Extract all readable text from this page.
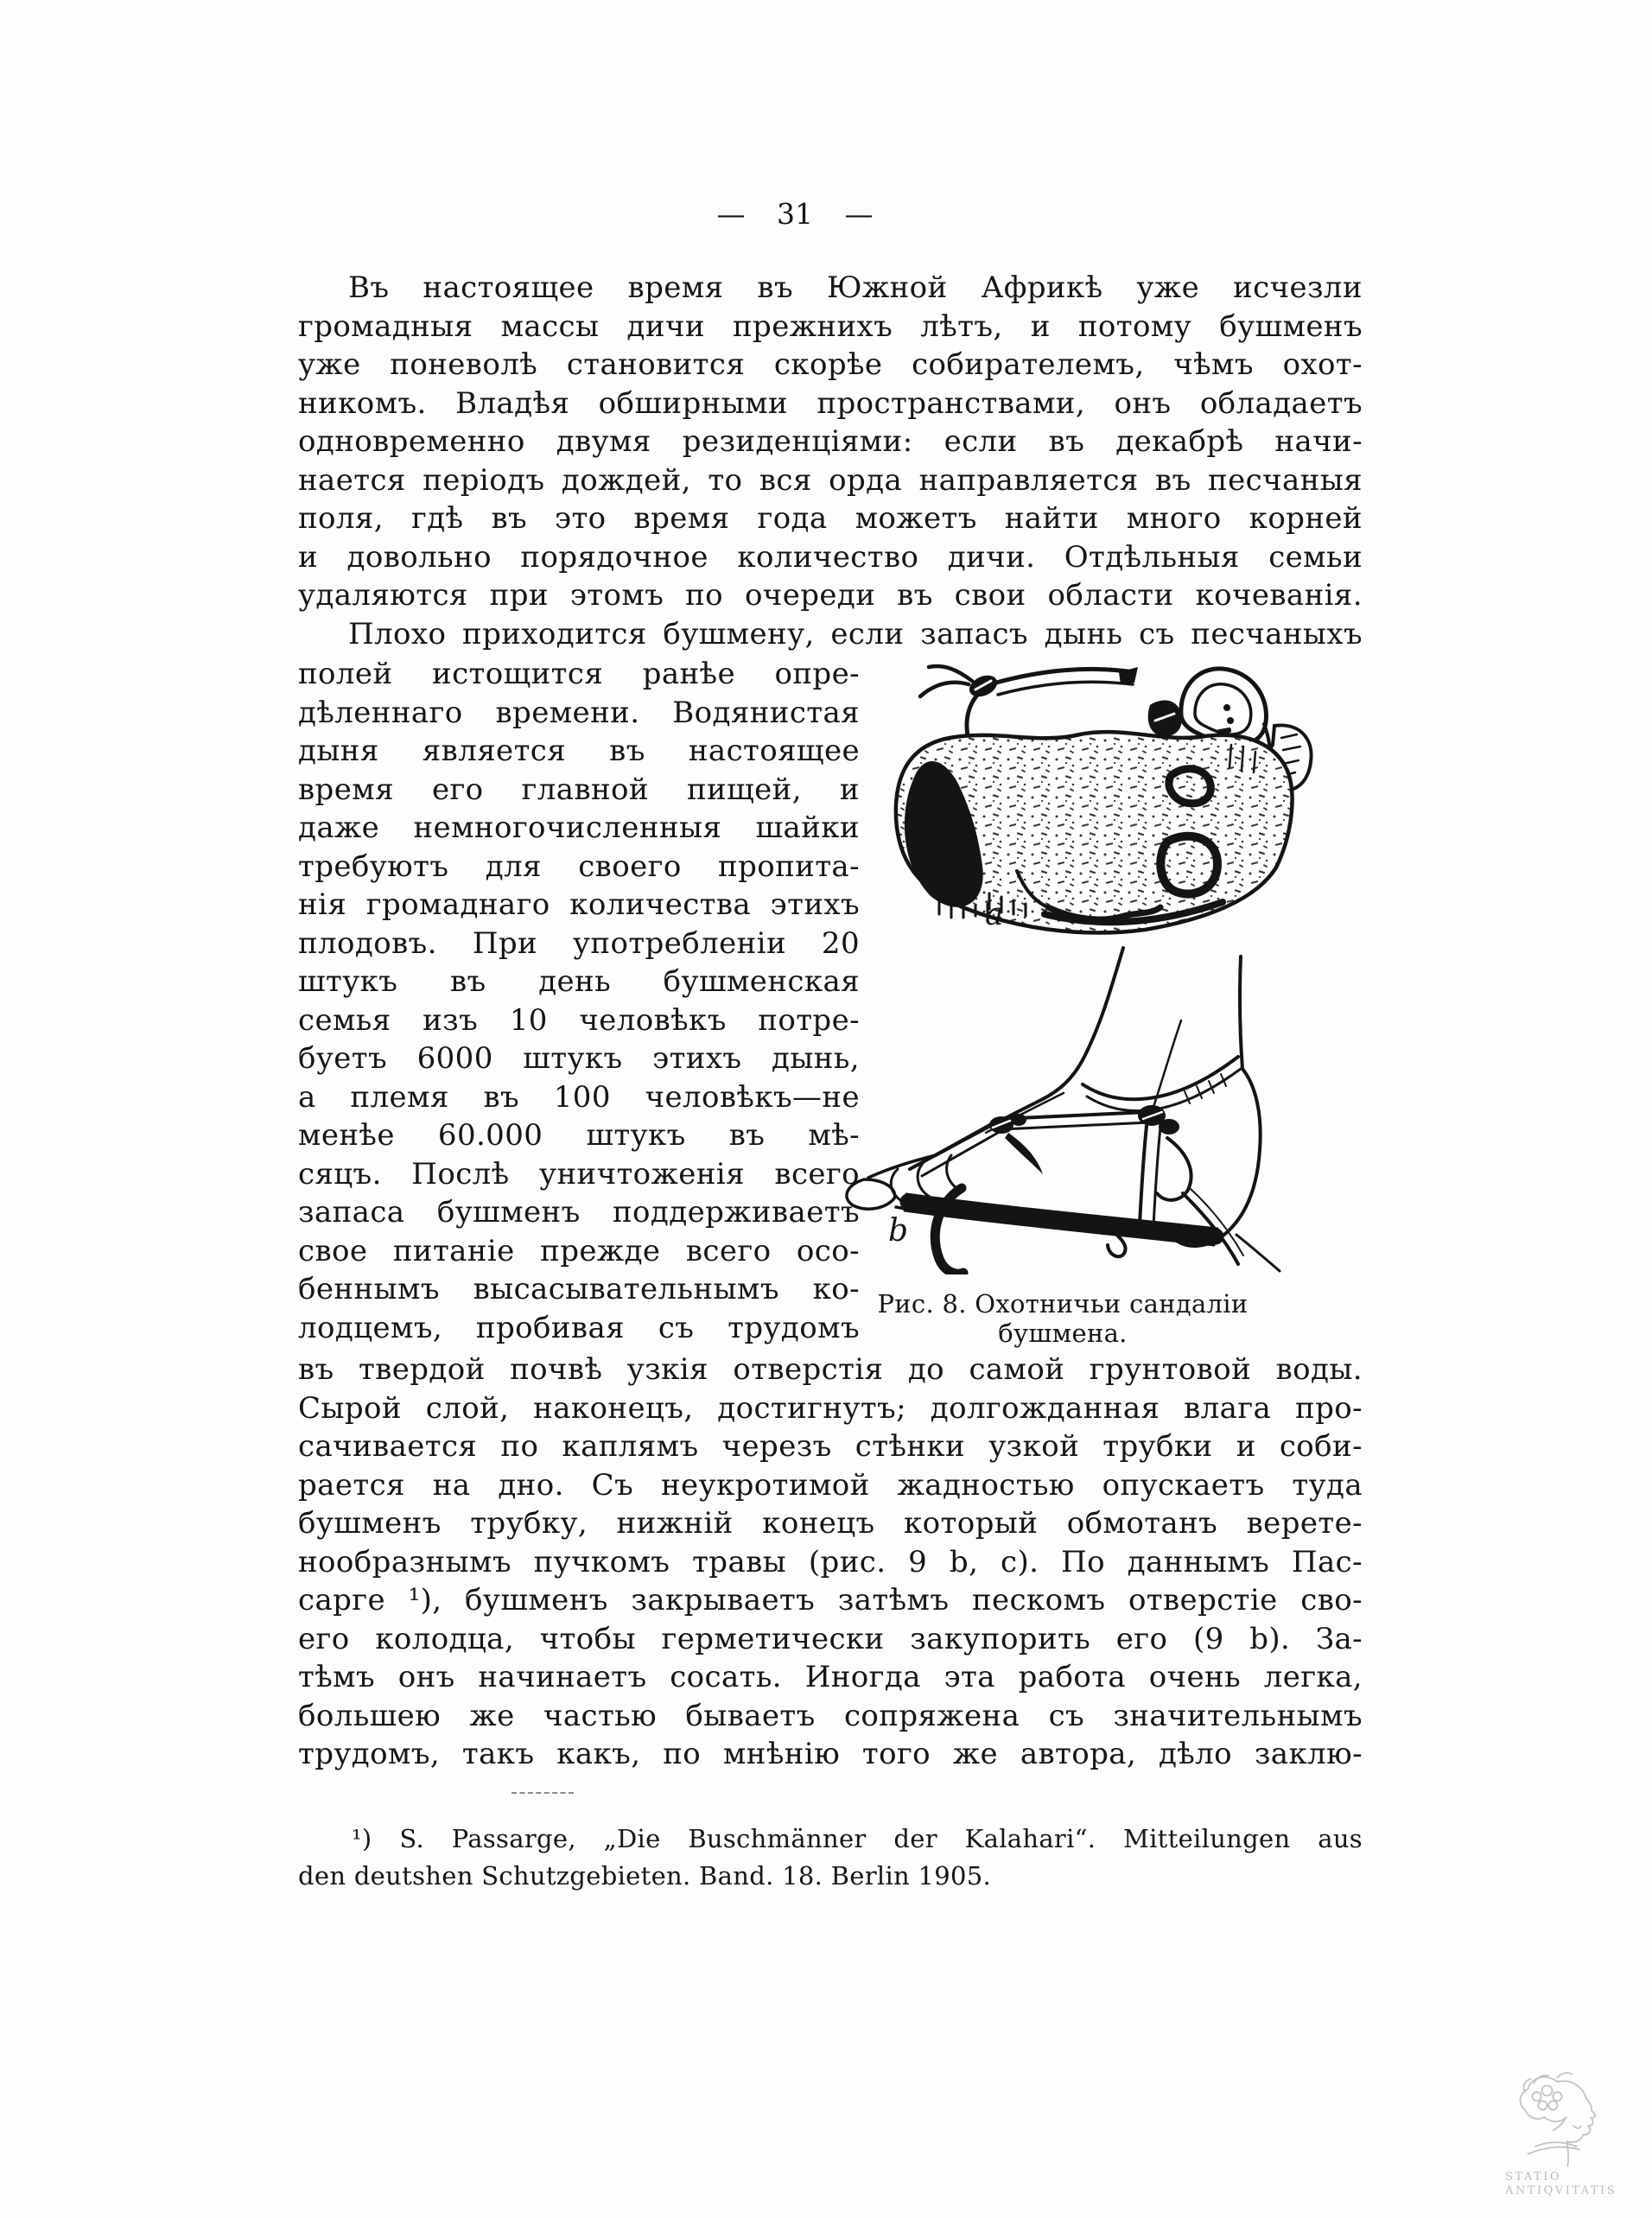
— 31 —
Въ настоящее время въ Южной Африкѣ уже исчезли
громадныя массы дичи прежнихъ лѣтъ, и потому бушменъ
уже поневолѣ становится скорѣе собирателемъ, чѣмъ охот-
никомъ. Владѣя обширными пространствами, онъ обладаетъ
одновременно двумя резиденціями: если въ декабрѣ начи-
нается періодъ дождей, то вся орда направляется въ песчаныя
поля, гдѣ въ это время года можетъ найти много корней
и довольно порядочное количество дичи. Отдѣльныя семьи
удаляются при этомъ по очереди въ свои области кочеванія.
Плохо приходится бушмену, если запасъ дынь съ песчаныхъ
полей истощится ранѣе опре-
дѣленнаго времени. Водянистая
дыня является въ настоящее
время его главной пищей, и
даже немногочисленныя шайки
требуютъ для своего пропита-
нія громаднаго количества этихъ
плодовъ. При употребленіи 20
штукъ въ день бушменская
семья изъ 10 человѣкъ потре-
буетъ 6000 штукъ этихъ дынь,
а племя въ 100 человѣкъ—не
менѣе 60.000 штукъ въ мѣ-
сяцъ. Послѣ уничтоженія всего
запаса бушменъ поддерживаетъ
свое питаніе прежде всего осо-
беннымъ высасывательнымъ ко-
лодцемъ, пробивая съ трудомъ
a
b
Рис. 8. Охотничьи сандаліи бушмена.
въ твердой почвѣ узкія отверстія до самой грунтовой воды.
Сырой слой, наконецъ, достигнутъ; долгожданная влага про-
сачивается по каплямъ черезъ стѣнки узкой трубки и соби-
рается на дно. Съ неукротимой жадностью опускаетъ туда
бушменъ трубку, нижній конецъ который обмотанъ верете-
нообразнымъ пучкомъ травы (рис. 9 b, c). По даннымъ Пас-
сарге ¹), бушменъ закрываетъ затѣмъ пескомъ отверстіе сво-
его колодца, чтобы герметически закупорить его (9 b). За-
тѣмъ онъ начинаетъ сосать. Иногда эта работа очень легка,
большею же частью бываетъ сопряжена съ значительнымъ
трудомъ, такъ какъ, по мнѣнію того же автора, дѣло заклю-
¹) S. Passarge, „Die Buschmänner der Kalahari“. Mitteilungen aus
den deutshen Schutzgebieten. Band. 18. Berlin 1905.
STATIO
ANTIQVITATIS
